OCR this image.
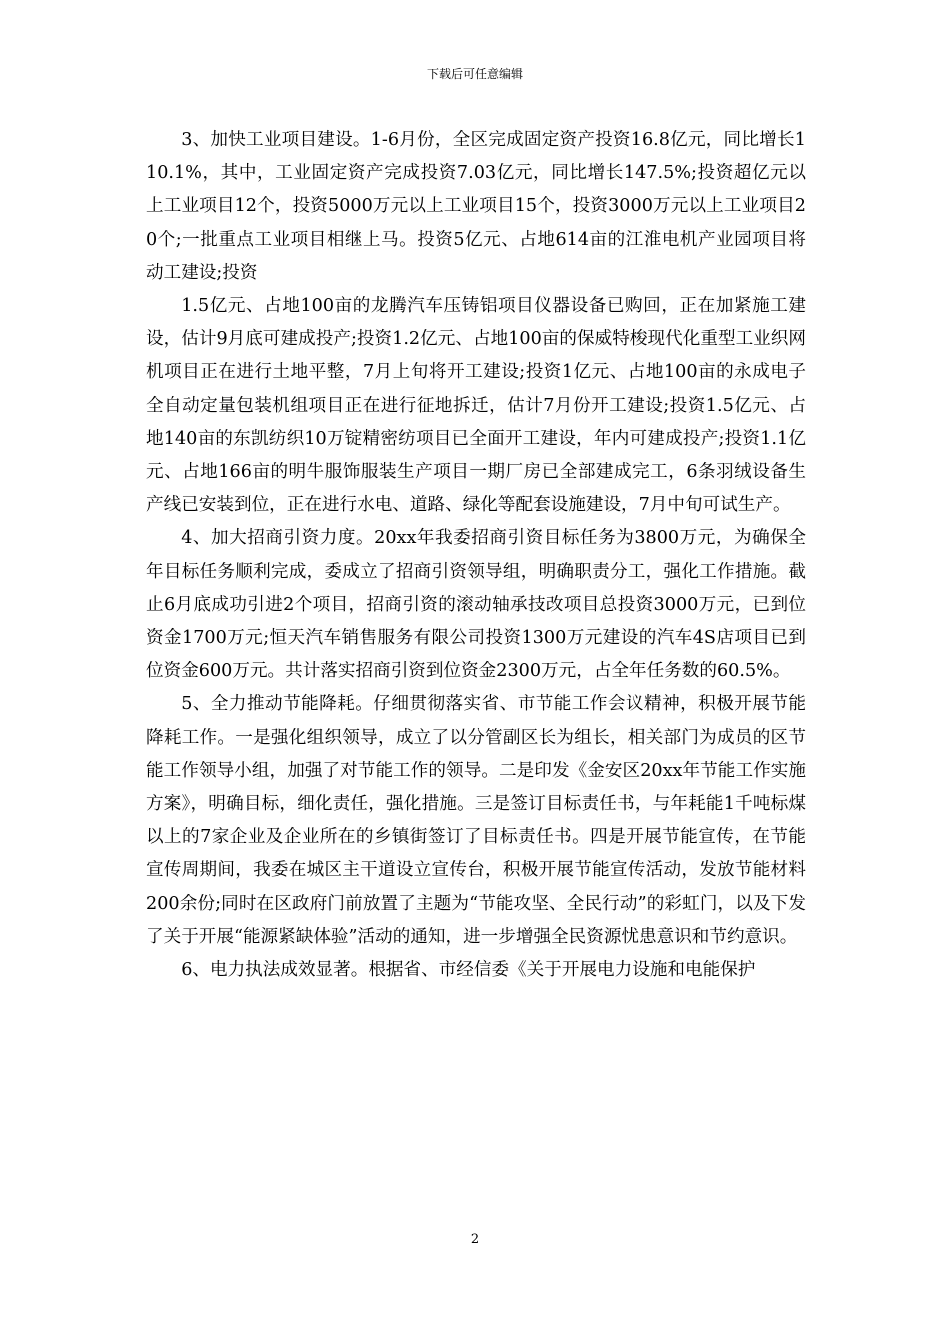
下载后可任意编辑

3、加快工业项目建设。1-6月份，全区完成固定资产投资16.8亿元，同比增长110.1%，其中，工业固定资产完成投资7.03亿元，同比增长147.5%;投资超亿元以上工业项目12个，投资5000万元以上工业项目15个，投资3000万元以上工业项目20个;一批重点工业项目相继上马。投资5亿元、占地614亩的江淮电机产业园项目将动工建设;投资

1.5亿元、占地100亩的龙腾汽车压铸铝项目仪器设备已购回，正在加紧施工建设，估计9月底可建成投产;投资1.2亿元、占地100亩的保威特梭现代化重型工业织网机项目正在进行土地平整，7月上旬将开工建设;投资1亿元、占地100亩的永成电子全自动定量包装机组项目正在进行征地拆迁，估计7月份开工建设;投资1.5亿元、占地140亩的东凯纺织10万锭精密纺项目已全面开工建设，年内可建成投产;投资1.1亿元、占地166亩的明牛服饰服装生产项目一期厂房已全部建成完工，6条羽绒设备生产线已安装到位，正在进行水电、道路、绿化等配套设施建设，7月中旬可试生产。

4、加大招商引资力度。20xx年我委招商引资目标任务为3800万元，为确保全年目标任务顺利完成，委成立了招商引资领导组，明确职责分工，强化工作措施。截止6月底成功引进2个项目，招商引资的滚动轴承技改项目总投资3000万元，已到位资金1700万元;恒天汽车销售服务有限公司投资1300万元建设的汽车4S店项目已到位资金600万元。共计落实招商引资到位资金2300万元，占全年任务数的60.5%。

5、全力推动节能降耗。仔细贯彻落实省、市节能工作会议精神，积极开展节能降耗工作。一是强化组织领导，成立了以分管副区长为组长，相关部门为成员的区节能工作领导小组，加强了对节能工作的领导。二是印发《金安区20xx年节能工作实施方案》，明确目标，细化责任，强化措施。三是签订目标责任书，与年耗能1千吨标煤以上的7家企业及企业所在的乡镇街签订了目标责任书。四是开展节能宣传，在节能宣传周期间，我委在城区主干道设立宣传台，积极开展节能宣传活动，发放节能材料200余份;同时在区政府门前放置了主题为“节能攻坚、全民行动”的彩虹门，以及下发了关于开展“能源紧缺体验”活动的通知，进一步增强全民资源忧患意识和节约意识。

6、电力执法成效显著。根据省、市经信委《关于开展电力设施和电能保护

2
